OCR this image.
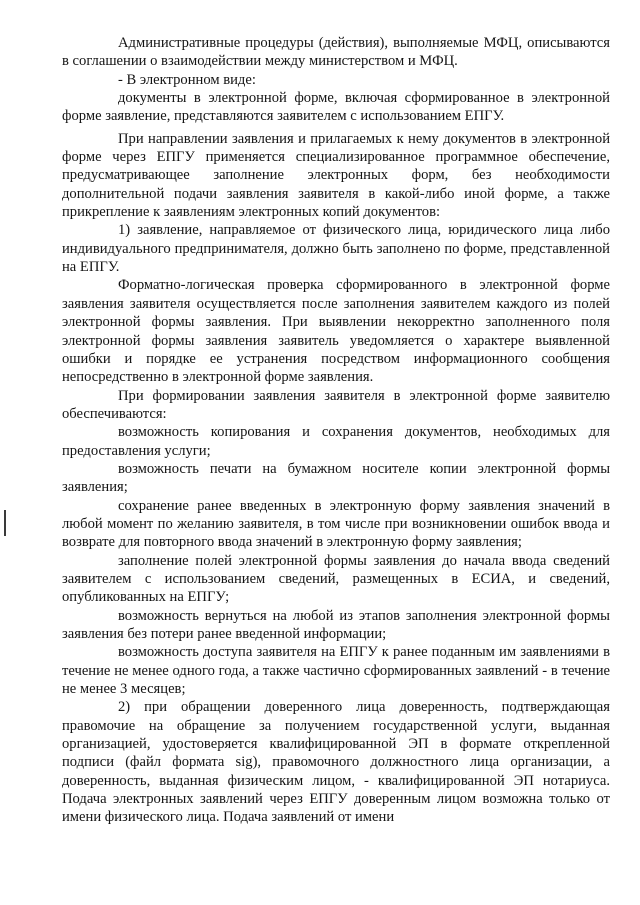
Административные процедуры (действия), выполняемые МФЦ, описываются в соглашении о взаимодействии между министерством и МФЦ.

- В электронном виде:

документы в электронной форме, включая сформированное в электронной форме заявление, представляются заявителем с использованием ЕПГУ.

При направлении заявления и прилагаемых к нему документов в электронной форме через ЕПГУ применяется специализированное программное обеспечение, предусматривающее заполнение электронных форм, без необходимости дополнительной подачи заявления заявителя в какой-либо иной форме, а также прикрепление к заявлениям электронных копий документов:

1) заявление, направляемое от физического лица, юридического лица либо индивидуального предпринимателя, должно быть заполнено по форме, представленной на ЕПГУ.

Форматно-логическая проверка сформированного в электронной форме заявления заявителя осуществляется после заполнения заявителем каждого из полей электронной формы заявления. При выявлении некорректно заполненного поля электронной формы заявления заявитель уведомляется о характере выявленной ошибки и порядке ее устранения посредством информационного сообщения непосредственно в электронной форме заявления.

При формировании заявления заявителя в электронной форме заявителю обеспечиваются:

возможность копирования и сохранения документов, необходимых для предоставления услуги;

возможность печати на бумажном носителе копии электронной формы заявления;

сохранение ранее введенных в электронную форму заявления значений в любой момент по желанию заявителя, в том числе при возникновении ошибок ввода и возврате для повторного ввода значений в электронную форму заявления;

заполнение полей электронной формы заявления до начала ввода сведений заявителем с использованием сведений, размещенных в ЕСИА, и сведений, опубликованных на ЕПГУ;

возможность вернуться на любой из этапов заполнения электронной формы заявления без потери ранее введенной информации;

возможность доступа заявителя на ЕПГУ к ранее поданным им заявлениями в течение не менее одного года, а также частично сформированных заявлений - в течение не менее 3 месяцев;

2) при обращении доверенного лица доверенность, подтверждающая правомочие на обращение за получением государственной услуги, выданная организацией, удостоверяется квалифицированной ЭП в формате открепленной подписи (файл формата sig), правомочного должностного лица организации, а доверенность, выданная физическим лицом, - квалифицированной ЭП нотариуса. Подача электронных заявлений через ЕПГУ доверенным лицом возможна только от имени физического лица. Подача заявлений от имени
